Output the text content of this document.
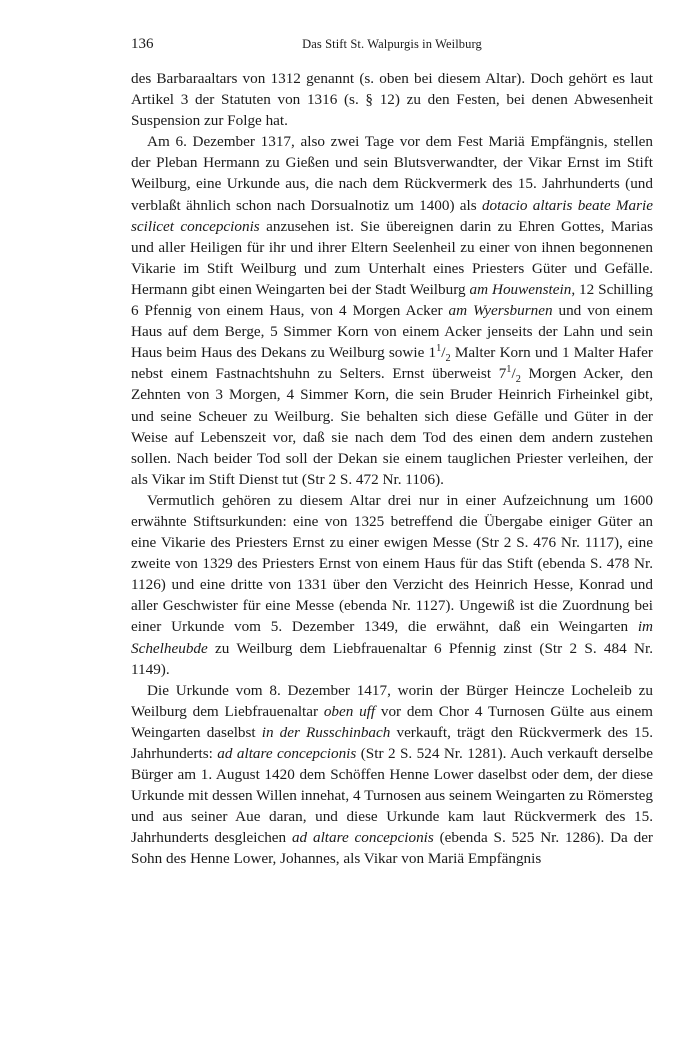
136	Das Stift St. Walpurgis in Weilburg

des Barbaraaltars von 1312 genannt (s. oben bei diesem Altar). Doch gehört es laut Artikel 3 der Statuten von 1316 (s. § 12) zu den Festen, bei denen Abwesenheit Suspension zur Folge hat.

Am 6. Dezember 1317, also zwei Tage vor dem Fest Mariä Empfängnis, stellen der Pleban Hermann zu Gießen und sein Blutsverwandter, der Vikar Ernst im Stift Weilburg, eine Urkunde aus, die nach dem Rückvermerk des 15. Jahrhunderts (und verblaßt ähnlich schon nach Dorsualnotiz um 1400) als dotacio altaris beate Marie scilicet concepcionis anzusehen ist. Sie übereignen darin zu Ehren Gottes, Marias und aller Heiligen für ihr und ihrer Eltern Seelenheil zu einer von ihnen begonnenen Vikarie im Stift Weilburg und zum Unterhalt eines Priesters Güter und Gefälle. Hermann gibt einen Weingarten bei der Stadt Weilburg am Houwenstein, 12 Schilling 6 Pfennig von einem Haus, von 4 Morgen Acker am Wyersburnen und von einem Haus auf dem Berge, 5 Simmer Korn von einem Acker jenseits der Lahn und sein Haus beim Haus des Dekans zu Weilburg sowie $1^1/_2$ Malter Korn und 1 Malter Hafer nebst einem Fastnachtshuhn zu Selters. Ernst überweist $7^1/_2$ Morgen Acker, den Zehnten von 3 Morgen, 4 Simmer Korn, die sein Bruder Heinrich Firheinkel gibt, und seine Scheuer zu Weilburg. Sie behalten sich diese Gefälle und Güter in der Weise auf Lebenszeit vor, daß sie nach dem Tod des einen dem andern zustehen sollen. Nach beider Tod soll der Dekan sie einem tauglichen Priester verleihen, der als Vikar im Stift Dienst tut (Str 2 S. 472 Nr. 1106).

Vermutlich gehören zu diesem Altar drei nur in einer Aufzeichnung um 1600 erwähnte Stiftsurkunden: eine von 1325 betreffend die Übergabe einiger Güter an eine Vikarie des Priesters Ernst zu einer ewigen Messe (Str 2 S. 476 Nr. 1117), eine zweite von 1329 des Priesters Ernst von einem Haus für das Stift (ebenda S. 478 Nr. 1126) und eine dritte von 1331 über den Verzicht des Heinrich Hesse, Konrad und aller Geschwister für eine Messe (ebenda Nr. 1127). Ungewiß ist die Zuordnung bei einer Urkunde vom 5. Dezember 1349, die erwähnt, daß ein Weingarten im Schelheubde zu Weilburg dem Liebfrauenaltar 6 Pfennig zinst (Str 2 S. 484 Nr. 1149).

Die Urkunde vom 8. Dezember 1417, worin der Bürger Heincze Locheleib zu Weilburg dem Liebfrauenaltar oben uff vor dem Chor 4 Turnosen Gülte aus einem Weingarten daselbst in der Russchinbach verkauft, trägt den Rückvermerk des 15. Jahrhunderts: ad altare concepcionis (Str 2 S. 524 Nr. 1281). Auch verkauft derselbe Bürger am 1. August 1420 dem Schöffen Henne Lower daselbst oder dem, der diese Urkunde mit dessen Willen innehat, 4 Turnosen aus seinem Weingarten zu Römersteg und aus seiner Aue daran, und diese Urkunde kam laut Rückvermerk des 15. Jahrhunderts desgleichen ad altare concepcionis (ebenda S. 525 Nr. 1286). Da der Sohn des Henne Lower, Johannes, als Vikar von Mariä Empfängnis
